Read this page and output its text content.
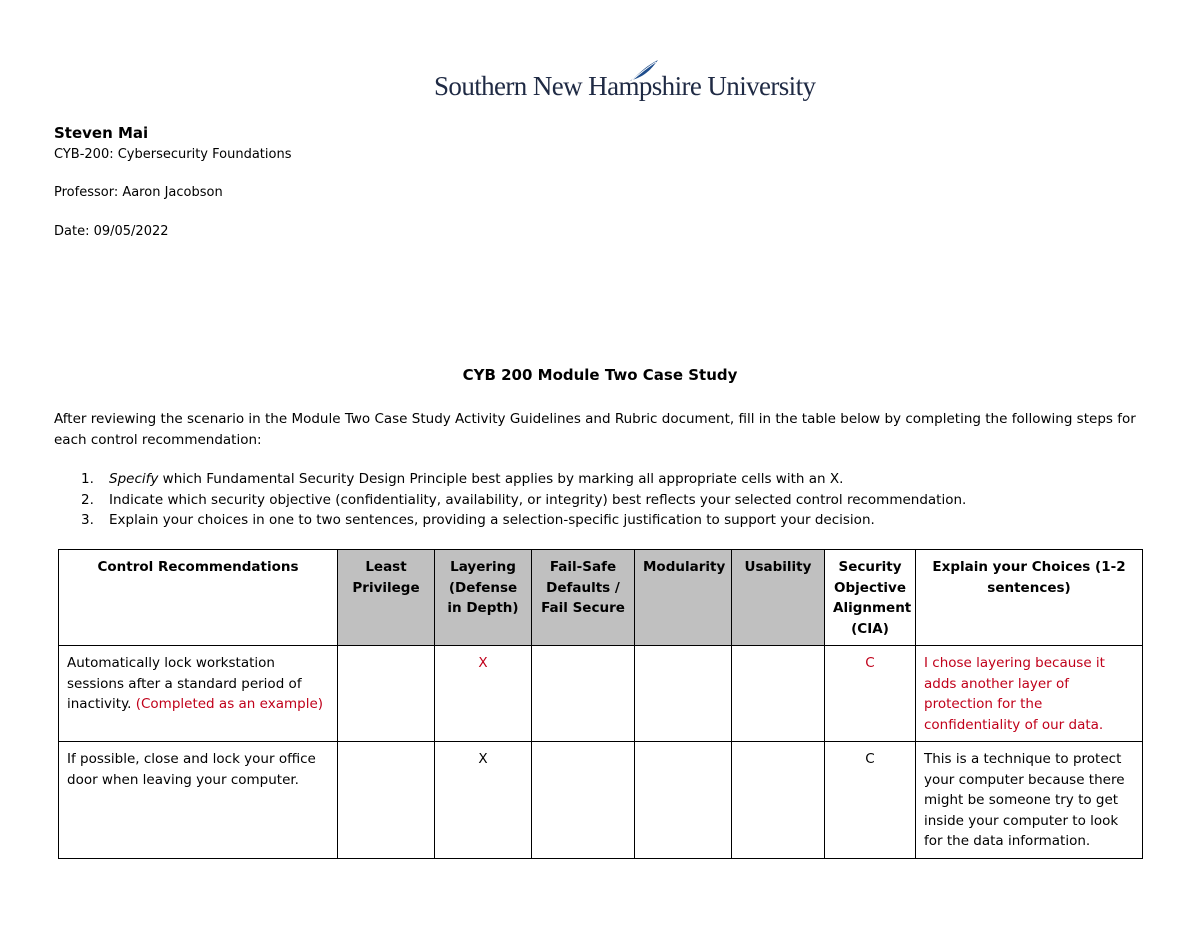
Southern New Hampshire University
Steven Mai
CYB-200: Cybersecurity Foundations
Professor: Aaron Jacobson
Date: 09/05/2022
CYB 200 Module Two Case Study
After reviewing the scenario in the Module Two Case Study Activity Guidelines and Rubric document, fill in the table below by completing the following steps for each control recommendation:
1. Specify which Fundamental Security Design Principle best applies by marking all appropriate cells with an X.
2. Indicate which security objective (confidentiality, availability, or integrity) best reflects your selected control recommendation.
3. Explain your choices in one to two sentences, providing a selection-specific justification to support your decision.
Control Recommendations	Least Privilege	Layering (Defense in Depth)	Fail-Safe Defaults / Fail Secure	Modularity	Usability	Security Objective Alignment (CIA)	Explain your Choices (1-2 sentences)
Automatically lock workstation sessions after a standard period of inactivity. (Completed as an example)		X				C	I chose layering because it adds another layer of protection for the confidentiality of our data.
If possible, close and lock your office door when leaving your computer.		X				C	This is a technique to protect your computer because there might be someone try to get inside your computer to look for the data information.
